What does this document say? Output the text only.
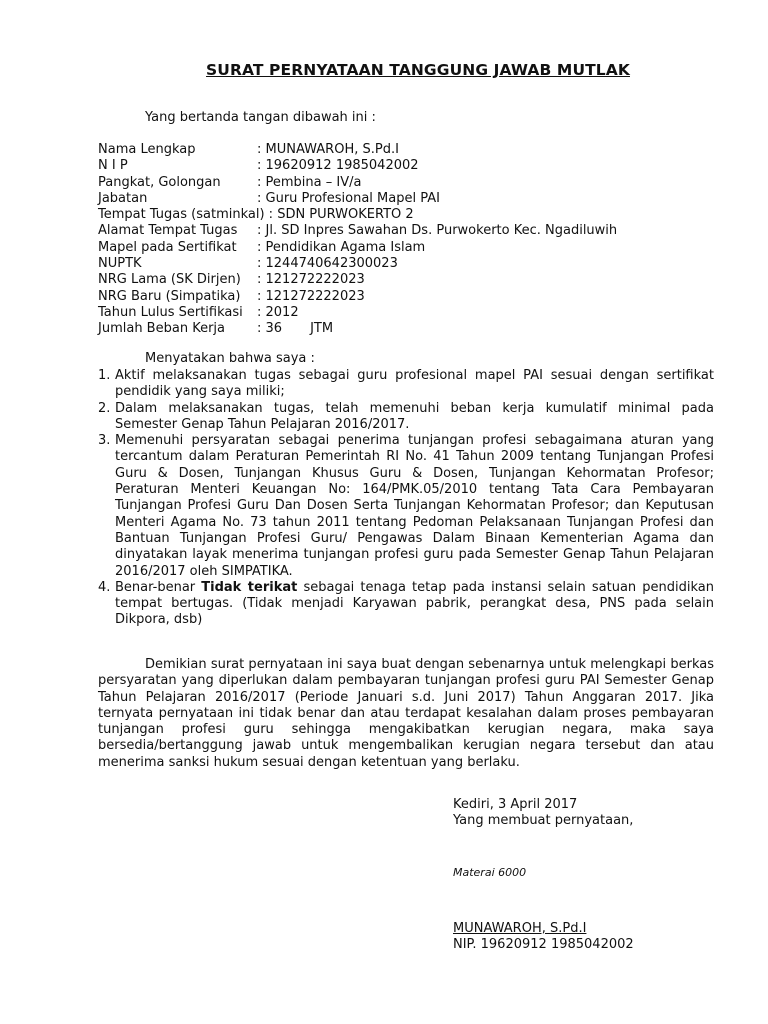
SURAT PERNYATAAN TANGGUNG JAWAB MUTLAK
Yang bertanda tangan dibawah ini :
Nama Lengkap	: MUNAWAROH, S.Pd.I
N I P	: 19620912 1985042002
Pangkat, Golongan	: Pembina – IV/a
Jabatan	: Guru Profesional Mapel PAI
Tempat Tugas (satminkal) : SDN PURWOKERTO 2
Alamat Tempat Tugas : Jl. SD Inpres Sawahan Ds. Purwokerto Kec. Ngadiluwih
Mapel pada Sertifikat : Pendidikan Agama Islam
NUPTK	: 1244740642300023
NRG Lama (SK Dirjen) : 121272222023
NRG Baru (Simpatika) : 121272222023
Tahun Lulus Sertifikasi : 2012
Jumlah Beban Kerja : 36 JTM
Menyatakan bahwa saya :
1. Aktif melaksanakan tugas sebagai guru profesional mapel PAI sesuai dengan sertifikat pendidik yang saya miliki;
2. Dalam melaksanakan tugas, telah memenuhi beban kerja kumulatif minimal pada Semester Genap Tahun Pelajaran 2016/2017.
3. Memenuhi persyaratan sebagai penerima tunjangan profesi sebagaimana aturan yang tercantum dalam Peraturan Pemerintah RI No. 41 Tahun 2009 tentang Tunjangan Profesi Guru & Dosen, Tunjangan Khusus Guru & Dosen, Tunjangan Kehormatan Profesor; Peraturan Menteri Keuangan No: 164/PMK.05/2010 tentang Tata Cara Pembayaran Tunjangan Profesi Guru Dan Dosen Serta Tunjangan Kehormatan Profesor; dan Keputusan Menteri Agama No. 73 tahun 2011 tentang Pedoman Pelaksanaan Tunjangan Profesi dan Bantuan Tunjangan Profesi Guru/ Pengawas Dalam Binaan Kementerian Agama dan dinyatakan layak menerima tunjangan profesi guru pada Semester Genap Tahun Pelajaran 2016/2017 oleh SIMPATIKA.
4. Benar-benar Tidak terikat sebagai tenaga tetap pada instansi selain satuan pendidikan tempat bertugas. (Tidak menjadi Karyawan pabrik, perangkat desa, PNS pada selain Dikpora, dsb)
Demikian surat pernyataan ini saya buat dengan sebenarnya untuk melengkapi berkas persyaratan yang diperlukan dalam pembayaran tunjangan profesi guru PAI Semester Genap Tahun Pelajaran 2016/2017 (Periode Januari s.d. Juni 2017) Tahun Anggaran 2017. Jika ternyata pernyataan ini tidak benar dan atau terdapat kesalahan dalam proses pembayaran tunjangan profesi guru sehingga mengakibatkan kerugian negara, maka saya bersedia/bertanggung jawab untuk mengembalikan kerugian negara tersebut dan atau menerima sanksi hukum sesuai dengan ketentuan yang berlaku.
Kediri, 3 April 2017
Yang membuat pernyataan,
Materai 6000
MUNAWAROH, S.Pd.I
NIP. 19620912 1985042002
